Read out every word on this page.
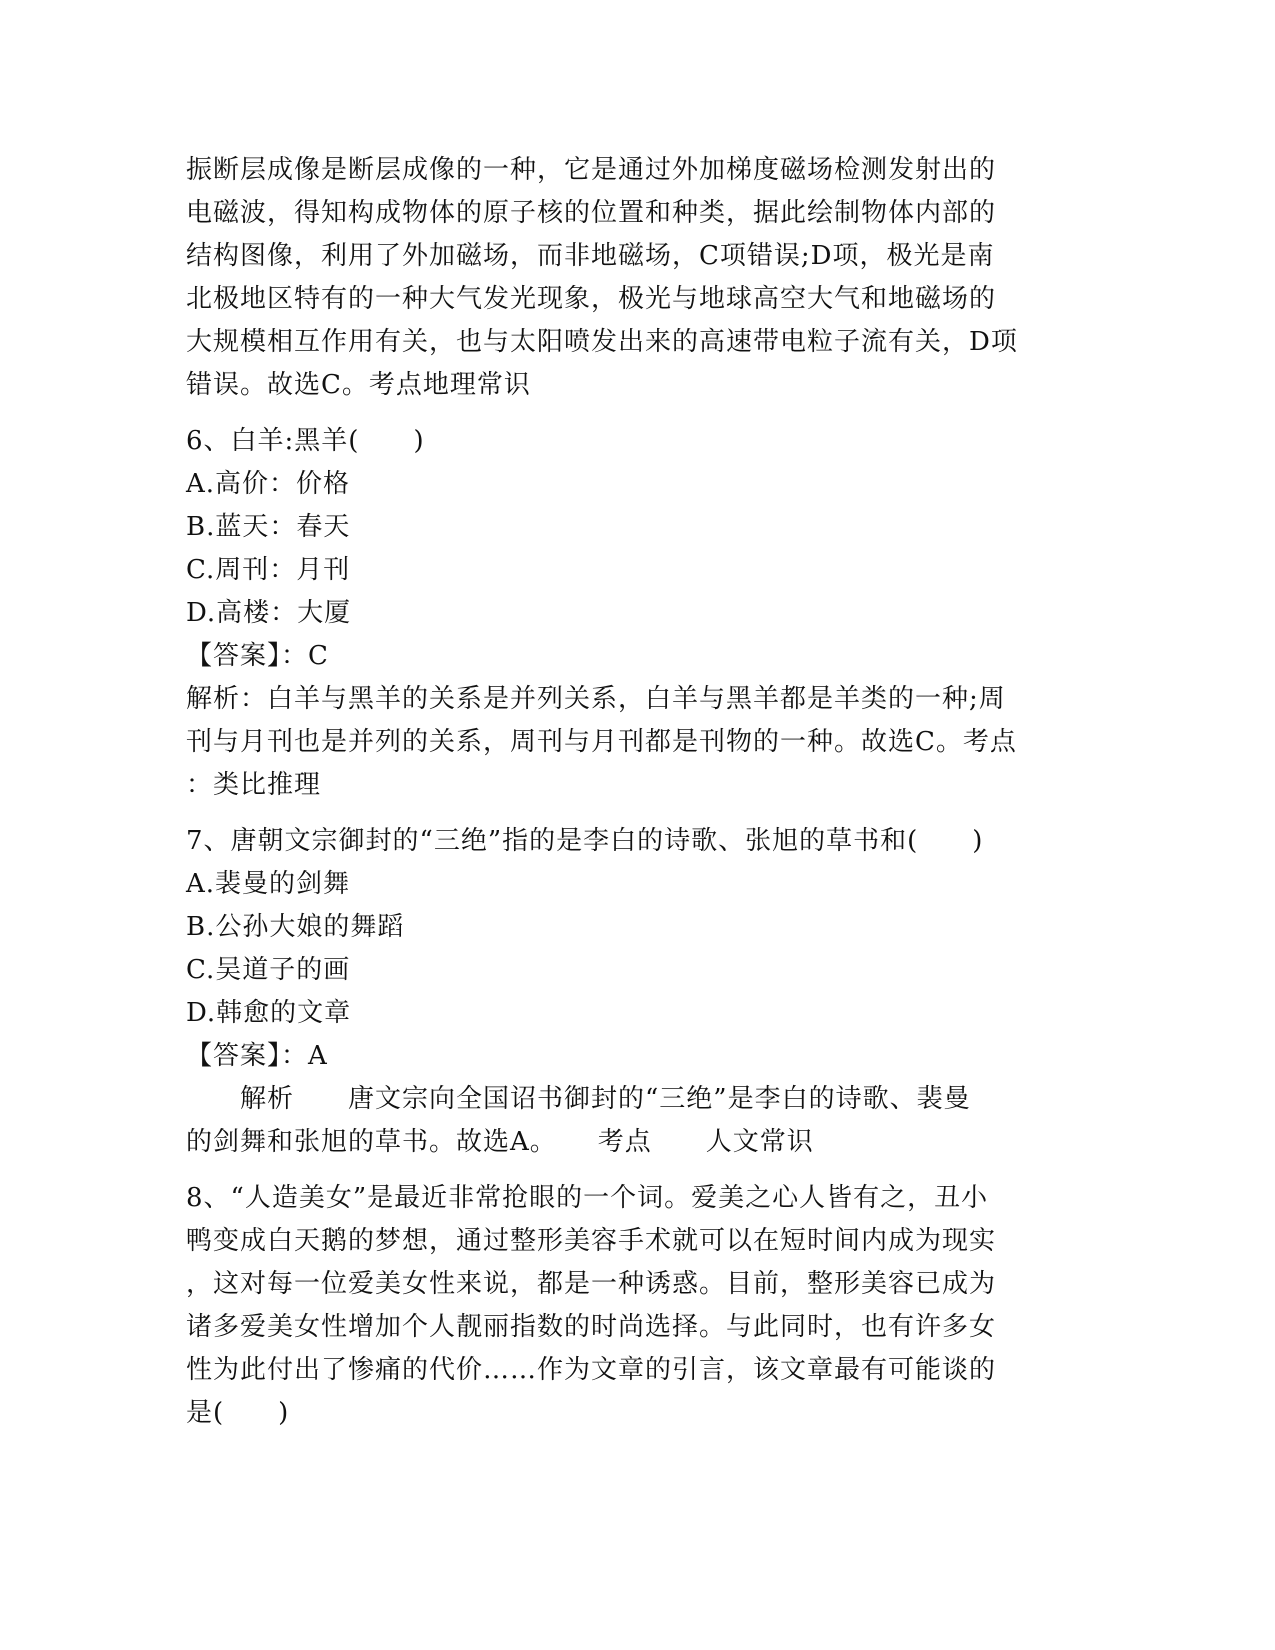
振断层成像是断层成像的一种，它是通过外加梯度磁场检测发射出的
电磁波，得知构成物体的原子核的位置和种类，据此绘制物体内部的
结构图像，利用了外加磁场，而非地磁场，C项错误;D项，极光是南
北极地区特有的一种大气发光现象，极光与地球高空大气和地磁场的
大规模相互作用有关，也与太阳喷发出来的高速带电粒子流有关，D项
错误。故选C。考点地理常识
6、白羊:黑羊(　　)
A.高价：价格
B.蓝天：春天
C.周刊：月刊
D.高楼：大厦
【答案】：C
解析：白羊与黑羊的关系是并列关系，白羊与黑羊都是羊类的一种;周
刊与月刊也是并列的关系，周刊与月刊都是刊物的一种。故选C。考点
：类比推理
7、唐朝文宗御封的“三绝”指的是李白的诗歌、张旭的草书和(　　)
A.裴曼的剑舞
B.公孙大娘的舞蹈
C.吴道子的画
D.韩愈的文章
【答案】：A
　　解析　　唐文宗向全国诏书御封的“三绝”是李白的诗歌、裴曼
的剑舞和张旭的草书。故选A。　　考点　　人文常识
8、“人造美女”是最近非常抢眼的一个词。爱美之心人皆有之，丑小
鸭变成白天鹅的梦想，通过整形美容手术就可以在短时间内成为现实
，这对每一位爱美女性来说，都是一种诱惑。目前，整形美容已成为
诸多爱美女性增加个人靓丽指数的时尚选择。与此同时，也有许多女
性为此付出了惨痛的代价……作为文章的引言，该文章最有可能谈的
是(　　)
